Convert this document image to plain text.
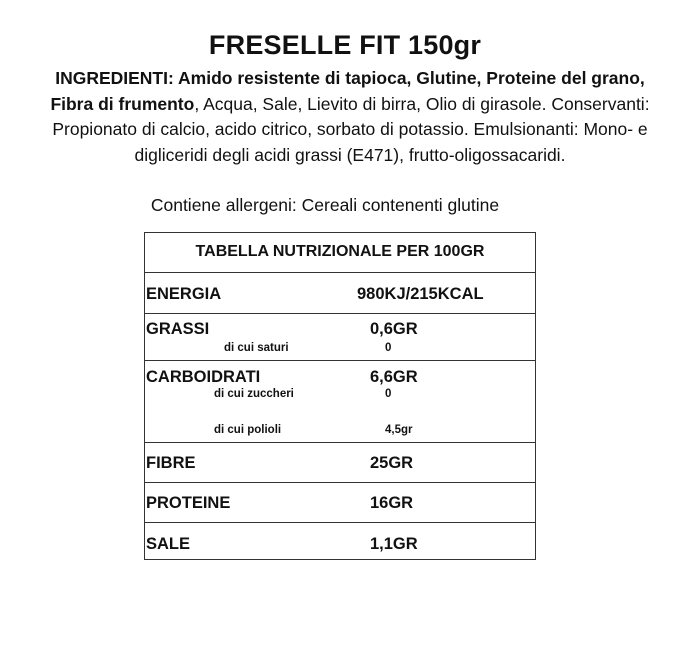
FRESELLE FIT 150gr
INGREDIENTI: Amido resistente di tapioca, Glutine, Proteine del grano, Fibra di frumento, Acqua, Sale, Lievito di birra, Olio di girasole. Conservanti: Propionato di calcio, acido citrico, sorbato di potassio. Emulsionanti: Mono- e digliceridi degli acidi grassi (E471), frutto-oligossacaridi.
Contiene allergeni: Cereali contenenti glutine
TABELLA NUTRIZIONALE PER 100GR
ENERGIA	980KJ/215KCAL
GRASSI	0,6GR
di cui saturi	0
CARBOIDRATI	6,6GR
di cui zuccheri	0
di cui polioli	4,5gr
FIBRE	25GR
PROTEINE	16GR
SALE	1,1GR
